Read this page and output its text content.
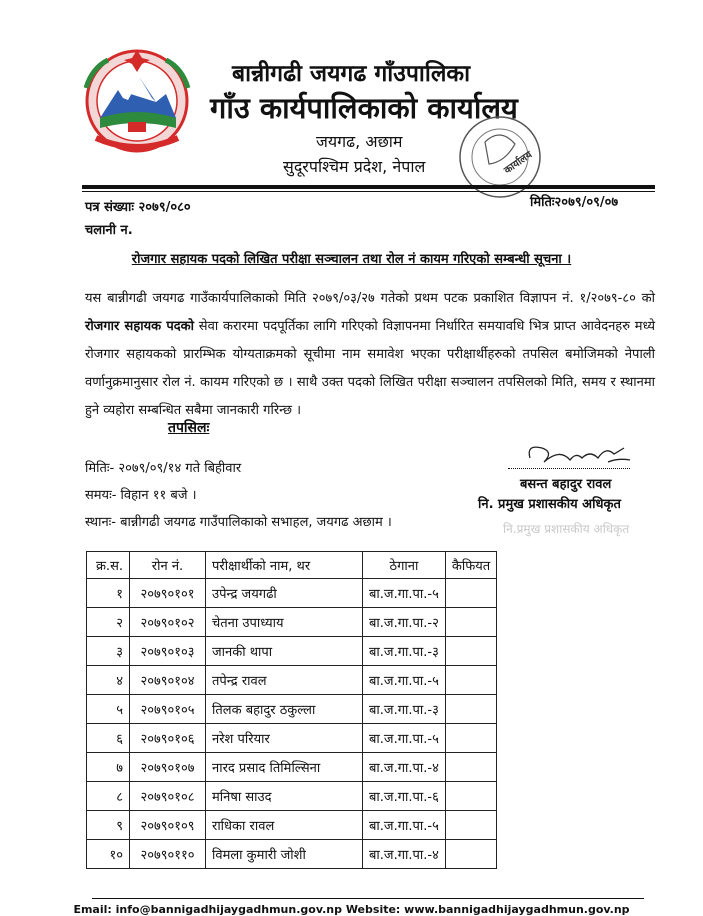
बान्नीगढी जयगढ गाँउपालिका
गाँउ कार्यपालिकाको कार्यालय
जयगढ, अछाम
सुदूरपश्चिम प्रदेश, नेपाल	कार्यालय
पत्र संख्याः २०७९/०८०
चलानी न.
मितिः२०७९/०९/०७
रोजगार सहायक पदको लिखित परीक्षा सञ्चालन तथा रोल नं कायम गरिएको सम्बन्धी सूचना ।
यस बान्नीगढी जयगढ गाउँकार्यपालिकाको मिति २०७९/०३/२७ गतेको प्रथम पटक प्रकाशित विज्ञापन नं. १/२०७९-८० को रोजगार सहायक पदको सेवा करारमा पदपूर्तिका लागि गरिएको विज्ञापनमा निर्धारित समयावधि भित्र प्राप्त आवेदनहरु मध्ये रोजगार सहायकको प्रारम्भिक योग्यताक्रमको सूचीमा नाम समावेश भएका परीक्षार्थीहरुको तपसिल बमोजिमको नेपाली वर्णानुक्रमानुसार रोल नं. कायम गरिएको छ । साथै उक्त पदको लिखित परीक्षा सञ्चालन तपसिलको मिति, समय र स्थानमा हुने व्यहोरा सम्बन्धित सबैमा जानकारी गरिन्छ ।
तपसिलः
मितिः- २०७९/०९/१४ गते बिहीवार
समयः- विहान ११ बजे ।
स्थानः- बान्नीगढी जयगढ गाउँपालिकाको सभाहल, जयगढ अछाम ।
बसन्त बहादुर रावल
नि. प्रमुख प्रशासकीय अधिकृत
नि.प्रमुख प्रशासकीय अधिकृत
क्र.स.	रोन नं.	परीक्षार्थीको नाम, थर	ठेगाना	कैफियत
१	२०७९०१०१	उपेन्द्र जयगढी	बा.ज.गा.पा.-५	
२	२०७९०१०२	चेतना उपाध्याय	बा.ज.गा.पा.-२	
३	२०७९०१०३	जानकी थापा	बा.ज.गा.पा.-३	
४	२०७९०१०४	तपेन्द्र रावल	बा.ज.गा.पा.-५	
५	२०७९०१०५	तिलक बहादुर ठकुल्ला	बा.ज.गा.पा.-३	
६	२०७९०१०६	नरेश परियार	बा.ज.गा.पा.-५	
७	२०७९०१०७	नारद प्रसाद तिमिल्सिना	बा.ज.गा.पा.-४	
८	२०७९०१०८	मनिषा साउद	बा.ज.गा.पा.-६	
९	२०७९०१०९	राधिका रावल	बा.ज.गा.पा.-५	
१०	२०७९०११०	विमला कुमारी जोशी	बा.ज.गा.पा.-४	
Email: info@bannigadhijaygadhmun.gov.np Website: www.bannigadhijaygadhmun.gov.np
